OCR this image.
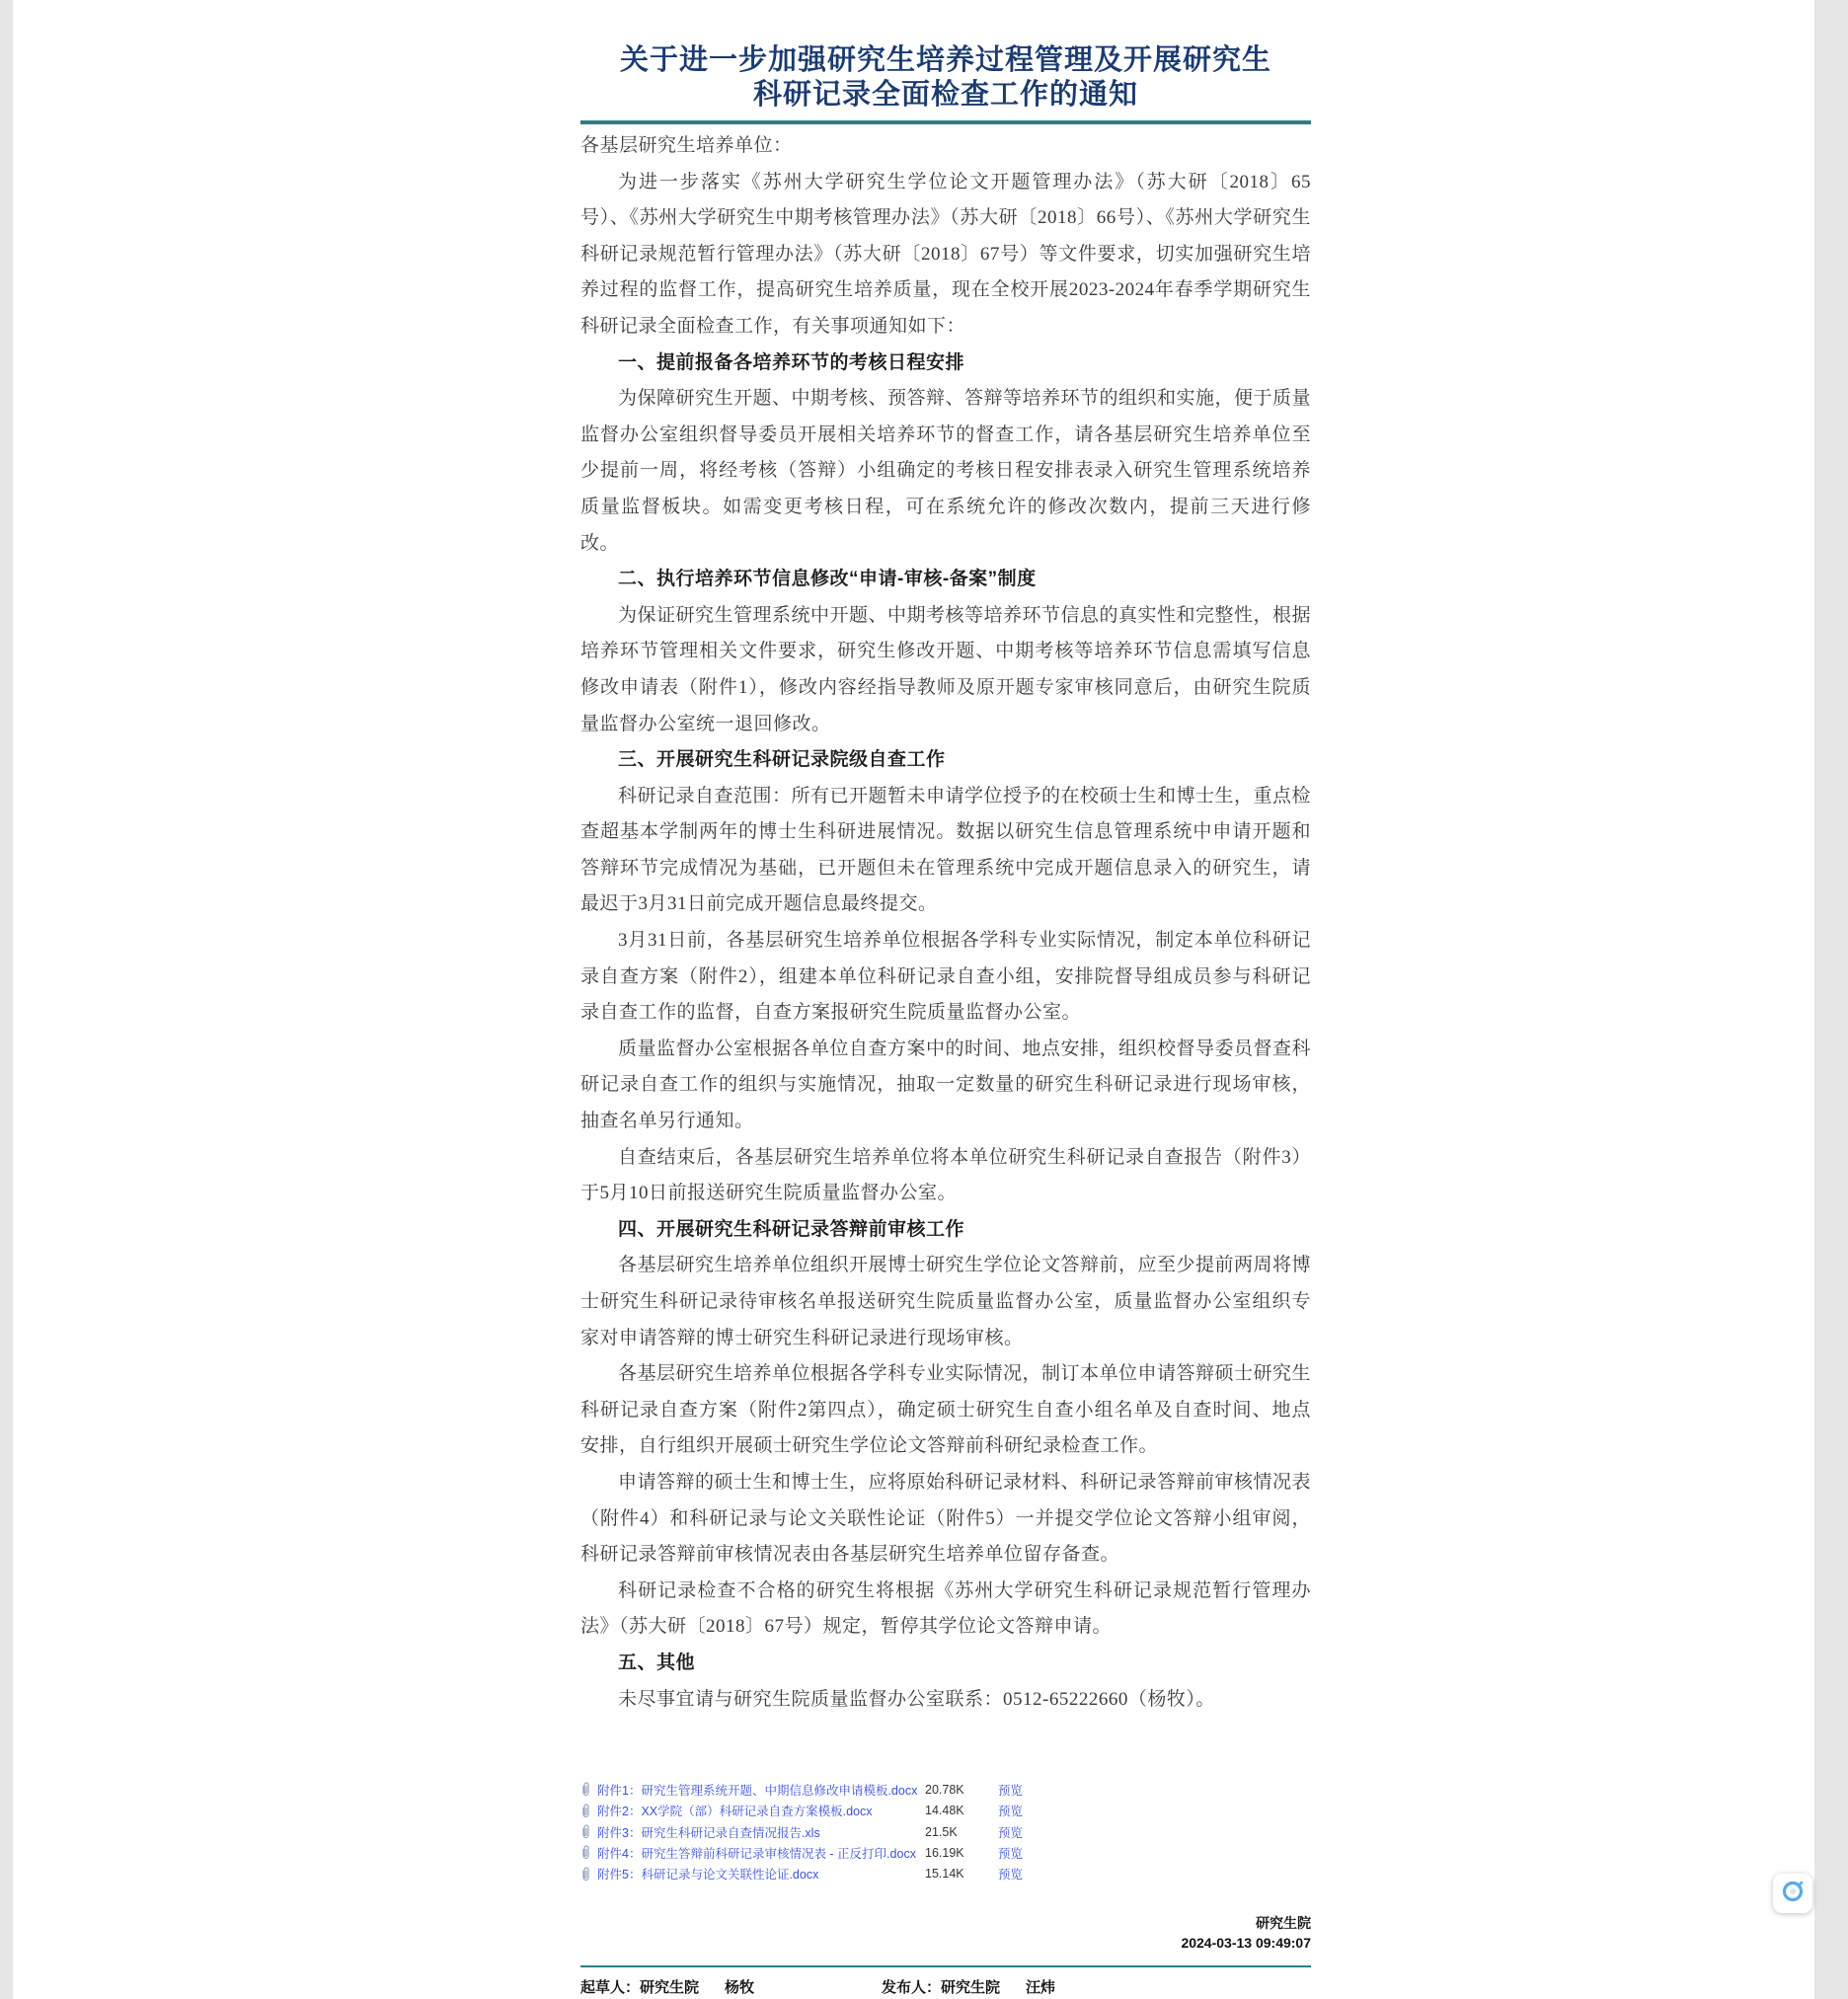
关于进一步加强研究生培养过程管理及开展研究生科研记录全面检查工作的通知

各基层研究生培养单位：

为进一步落实《苏州大学研究生学位论文开题管理办法》（苏大研〔2018〕65号）、《苏州大学研究生中期考核管理办法》（苏大研〔2018〕66号）、《苏州大学研究生科研记录规范暂行管理办法》（苏大研〔2018〕67号）等文件要求，切实加强研究生培养过程的监督工作，提高研究生培养质量，现在全校开展2023-2024年春季学期研究生科研记录全面检查工作，有关事项通知如下：

一、提前报备各培养环节的考核日程安排

为保障研究生开题、中期考核、预答辩、答辩等培养环节的组织和实施，便于质量监督办公室组织督导委员开展相关培养环节的督查工作，请各基层研究生培养单位至少提前一周，将经考核（答辩）小组确定的考核日程安排表录入研究生管理系统培养质量监督板块。如需变更考核日程，可在系统允许的修改次数内，提前三天进行修改。

二、执行培养环节信息修改“申请-审核-备案”制度

为保证研究生管理系统中开题、中期考核等培养环节信息的真实性和完整性，根据培养环节管理相关文件要求，研究生修改开题、中期考核等培养环节信息需填写信息修改申请表（附件1），修改内容经指导教师及原开题专家审核同意后，由研究生院质量监督办公室统一退回修改。

三、开展研究生科研记录院级自查工作

科研记录自查范围：所有已开题暂未申请学位授予的在校硕士生和博士生，重点检查超基本学制两年的博士生科研进展情况。数据以研究生信息管理系统中申请开题和答辩环节完成情况为基础，已开题但未在管理系统中完成开题信息录入的研究生，请最迟于3月31日前完成开题信息最终提交。

3月31日前，各基层研究生培养单位根据各学科专业实际情况，制定本单位科研记录自查方案（附件2），组建本单位科研记录自查小组，安排院督导组成员参与科研记录自查工作的监督，自查方案报研究生院质量监督办公室。

质量监督办公室根据各单位自查方案中的时间、地点安排，组织校督导委员督查科研记录自查工作的组织与实施情况，抽取一定数量的研究生科研记录进行现场审核，抽查名单另行通知。

自查结束后，各基层研究生培养单位将本单位研究生科研记录自查报告（附件3）于5月10日前报送研究生院质量监督办公室。

四、开展研究生科研记录答辩前审核工作

各基层研究生培养单位组织开展博士研究生学位论文答辩前，应至少提前两周将博士研究生科研记录待审核名单报送研究生院质量监督办公室，质量监督办公室组织专家对申请答辩的博士研究生科研记录进行现场审核。

各基层研究生培养单位根据各学科专业实际情况，制订本单位申请答辩硕士研究生科研记录自查方案（附件2第四点），确定硕士研究生自查小组名单及自查时间、地点安排，自行组织开展硕士研究生学位论文答辩前科研纪录检查工作。

申请答辩的硕士生和博士生，应将原始科研记录材料、科研记录答辩前审核情况表（附件4）和科研记录与论文关联性论证（附件5）一并提交学位论文答辩小组审阅，科研记录答辩前审核情况表由各基层研究生培养单位留存备查。

科研记录检查不合格的研究生将根据《苏州大学研究生科研记录规范暂行管理办法》（苏大研〔2018〕67号）规定，暂停其学位论文答辩申请。

五、其他

未尽事宜请与研究生院质量监督办公室联系：0512-65222660（杨牧）。

附件1：研究生管理系统开题、中期信息修改申请模板.docx 20.78K	预览
附件2：XX学院（部）科研记录自查方案模板.docx	14.48K	预览
附件3：研究生科研记录自查情况报告.xls	21.5K	预览
附件4：研究生答辩前科研记录审核情况表 - 正反打印.docx 16.19K	预览
附件5：科研记录与论文关联性论证.docx	15.14K	预览
研究生院
2024-03-13 09:49:07
起草人： 研究生院 杨牧	发布人： 研究生院 汪炜
